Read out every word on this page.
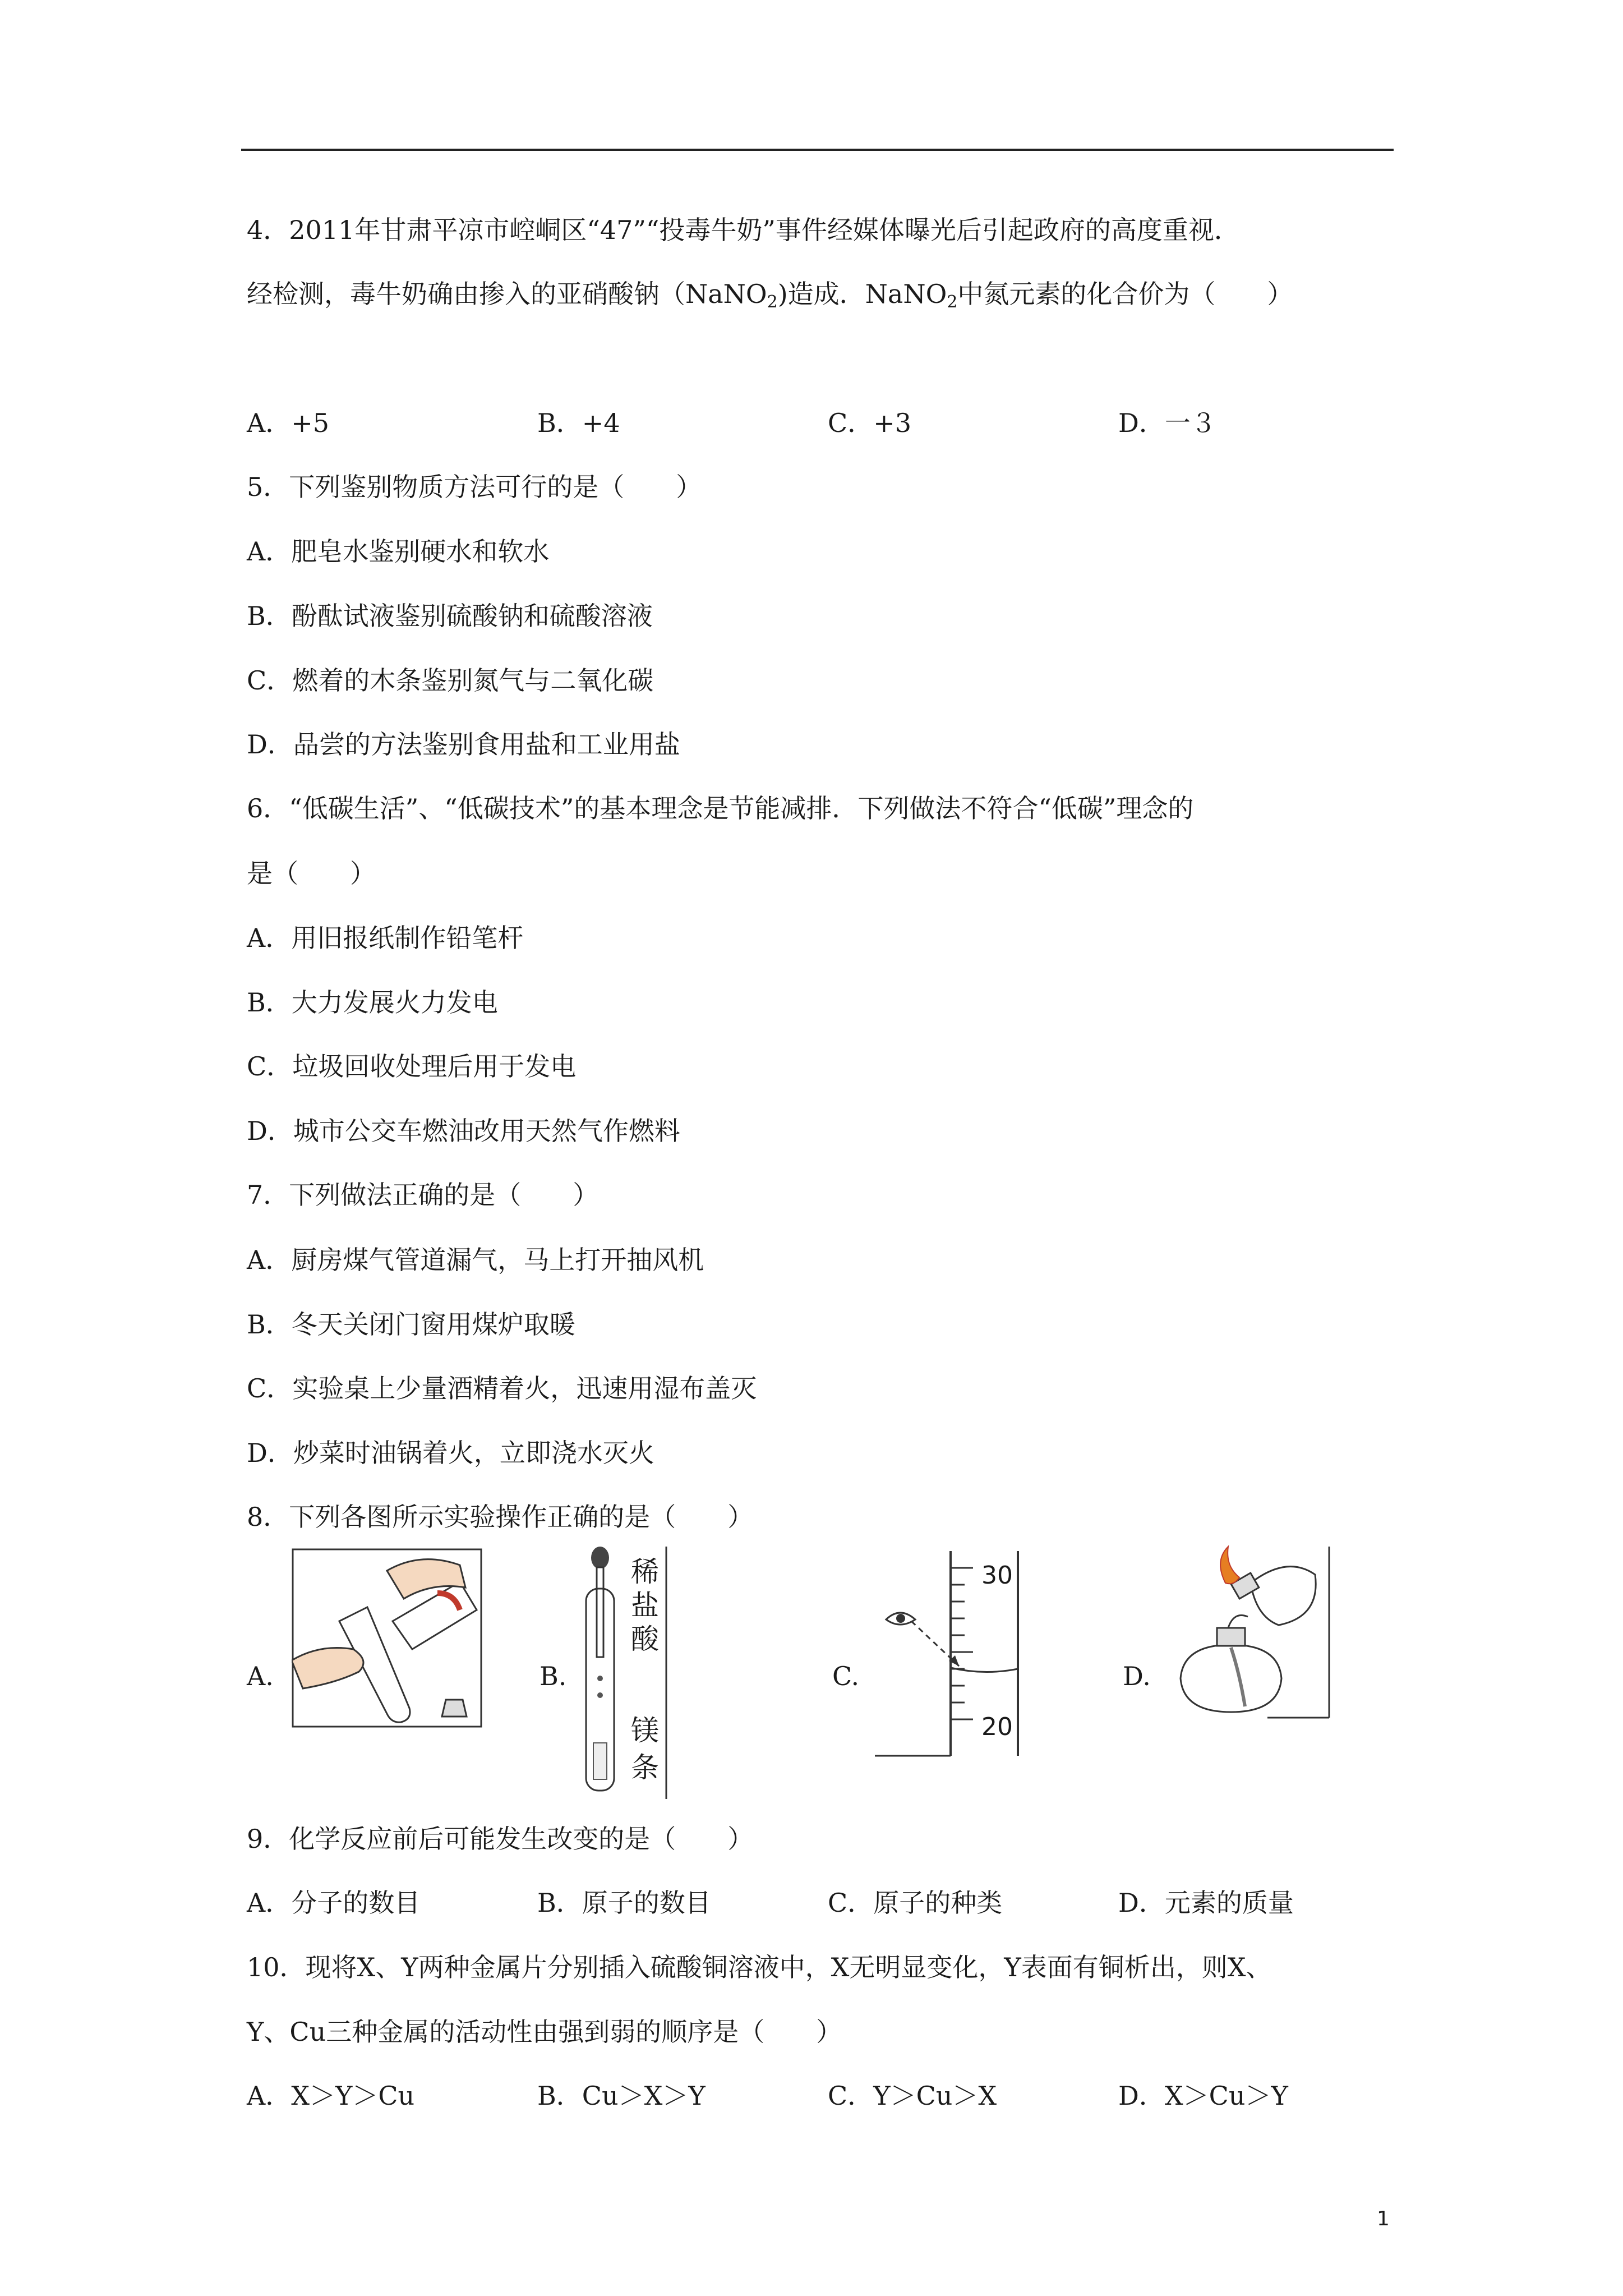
4．2011年甘肃平凉市崆峒区“47”“投毒牛奶”事件经媒体曝光后引起政府的高度重视．
经检测，毒牛奶确由掺入的亚硝酸钠（NaNO$_2$)造成．NaNO$_2$中氮元素的化合价为（　　）
A．+5	B．+4	C．+3	D．一３
5．下列鉴别物质方法可行的是（　　）
A．肥皂水鉴别硬水和软水
B．酚酞试液鉴别硫酸钠和硫酸溶液
C．燃着的木条鉴别氮气与二氧化碳
D．品尝的方法鉴别食用盐和工业用盐
6．“低碳生活”、“低碳技术”的基本理念是节能减排．下列做法不符合“低碳”理念的
是（　　）
A．用旧报纸制作铅笔杆
B．大力发展火力发电
C．垃圾回收处理后用于发电
D．城市公交车燃油改用天然气作燃料
7．下列做法正确的是（　　）
A．厨房煤气管道漏气，马上打开抽风机
B．冬天关闭门窗用煤炉取暖
C．实验桌上少量酒精着火，迅速用湿布盖灭
D．炒菜时油锅着火，立即浇水灭火
8．下列各图所示实验操作正确的是（　　）
A.	B.
稀
盐
酸
镁
条
C.
30
20
D.
9．化学反应前后可能发生改变的是（　　）
A．分子的数目	B．原子的数目	C．原子的种类	D．元素的质量
10．现将X、Y两种金属片分别插入硫酸铜溶液中，X无明显变化，Y表面有铜析出，则X、
Y、Cu三种金属的活动性由强到弱的顺序是（　　）
A．X＞Y＞Cu	B．Cu＞X＞Y	C．Y＞Cu＞X	D．X＞Cu＞Y
1
